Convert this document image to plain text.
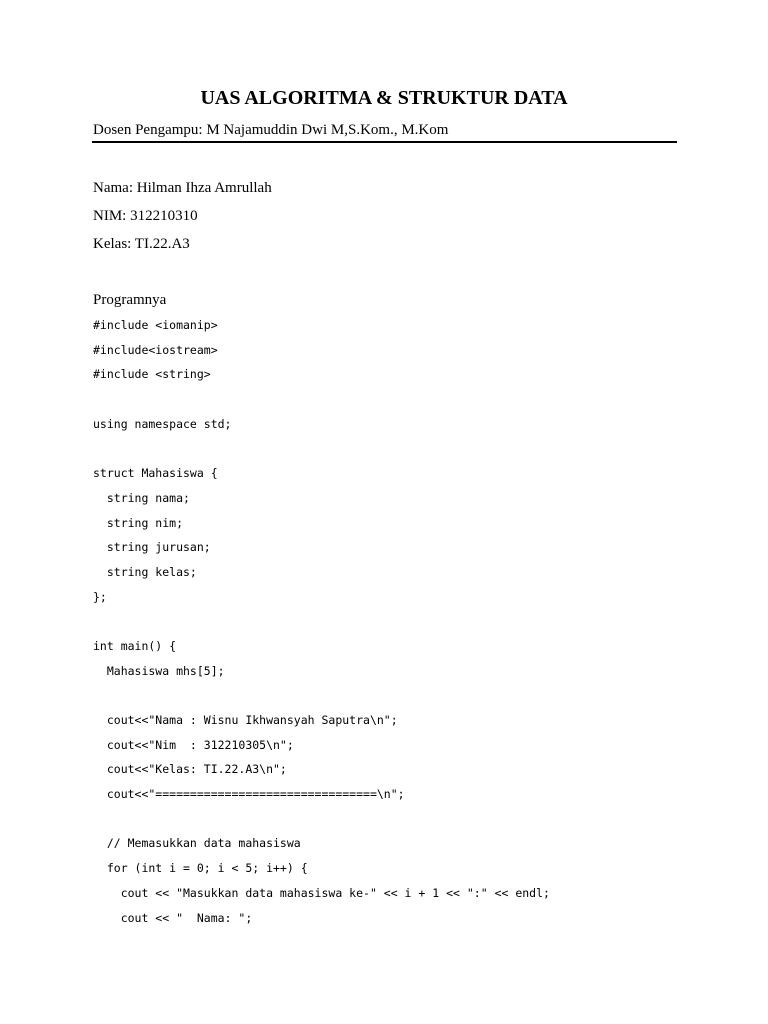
UAS ALGORITMA & STRUKTUR DATA
Dosen Pengampu: M Najamuddin Dwi M,S.Kom., M.Kom
Nama: Hilman Ihza Amrullah
NIM: 312210310
Kelas: TI.22.A3
Programnya
#include <iomanip>
#include<iostream>
#include <string>
using namespace std;
struct Mahasiswa {
string nama;
string nim;
string jurusan;
string kelas;
};
int main() {
Mahasiswa mhs[5];
cout<<"Nama : Wisnu Ikhwansyah Saputra\n";
cout<<"Nim  : 312210305\n";
cout<<"Kelas: TI.22.A3\n";
cout<<"================================\n";
// Memasukkan data mahasiswa
for (int i = 0; i < 5; i++) {
cout << "Masukkan data mahasiswa ke-" << i + 1 << ":" << endl;
cout << "  Nama: ";
